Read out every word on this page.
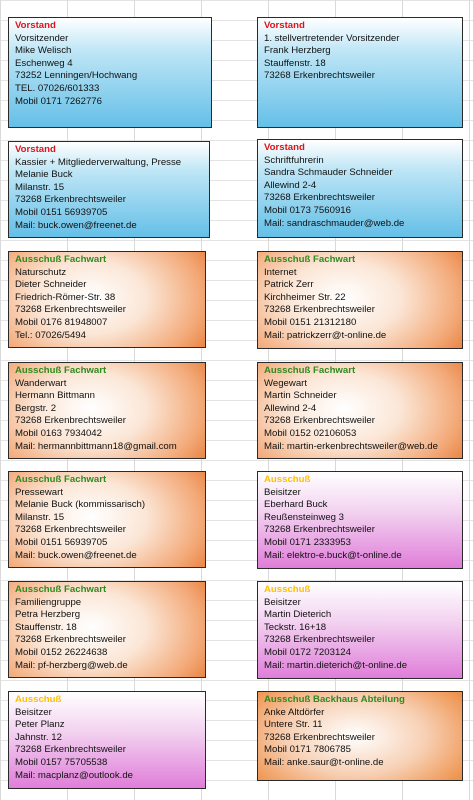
Vorstand
Vorsitzender
Mike Welisch
Eschenweg 4
73252 Lenningen/Hochwang
TEL. 07026/601333
Mobil 0171 7262776
Vorstand
1. stellvertretender Vorsitzender
Frank Herzberg
Stauffenstr. 18
73268 Erkenbrechtsweiler
Vorstand
Kassier + Mitgliederverwaltung, Presse
Melanie Buck
Milanstr. 15
73268 Erkenbrechtsweiler
Mobil 0151 56939705
Mail: buck.owen@freenet.de
Vorstand
Schriftfuhrerin
Sandra Schmauder Schneider
Allewind 2-4
73268 Erkenbrechtsweiler
Mobil 0173 7560916
Mail: sandraschmauder@web.de
Ausschuß Fachwart
Naturschutz
Dieter Schneider
Friedrich-Römer-Str. 38
73268 Erkenbrechtsweiler
Mobil 0176 81948007
Tel.: 07026/5494
Ausschuß Fachwart
Internet
Patrick Zerr
Kirchheimer Str. 22
73268 Erkenbrechtsweiler
Mobil 0151 21312180
Mail: patrickzerr@t-online.de
Ausschuß Fachwart
Wanderwart
Hermann Bittmann
Bergstr. 2
73268 Erkenbrechtsweiler
Mobil 0163 7934042
Mail: hermannbittmann18@gmail.com
Ausschuß Fachwart
Wegewart
Martin Schneider
Allewind 2-4
73268 Erkenbrechtsweiler
Mobil 0152 02106053
Mail: martin-erkenbrechtsweiler@web.de
Ausschuß Fachwart
Pressewart
Melanie Buck (kommissarisch)
Milanstr. 15
73268 Erkenbrechtsweiler
Mobil 0151 56939705
Mail: buck.owen@freenet.de
Ausschuß
Beisitzer
Eberhard Buck
Reußensteinweg 3
73268 Erkenbrechtsweiler
Mobil 0171 2333953
Mail: elektro-e.buck@t-online.de
Ausschuß Fachwart
Familiengruppe
Petra Herzberg
Stauffenstr. 18
73268 Erkenbrechtsweiler
Mobil 0152 26224638
Mail: pf-herzberg@web.de
Ausschuß
Beisitzer
Martin Dieterich
Teckstr. 16+18
73268 Erkenbrechtsweiler
Mobil 0172 7203124
Mail: martin.dieterich@t-online.de
Ausschuß
Beisitzer
Peter Planz
Jahnstr. 12
73268 Erkenbrechtsweiler
Mobil 0157 75705538
Mail: macplanz@outlook.de
Ausschuß Backhaus Abteilung
Anke Altdörfer
Untere Str. 11
73268 Erkenbrechtsweiler
Mobil 0171 7806785
Mail: anke.saur@t-online.de
